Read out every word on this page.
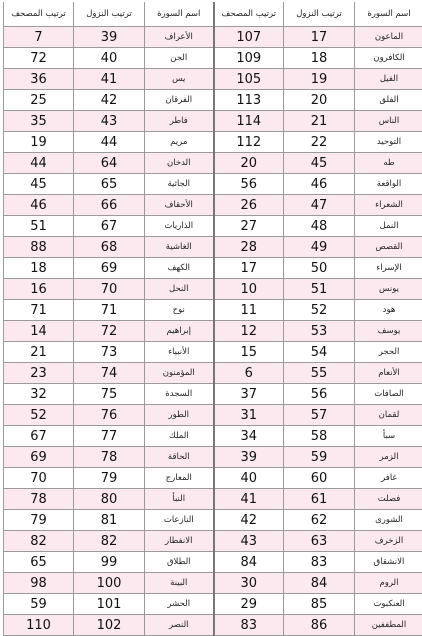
ترتيب المصحف	ترتيب النزول	اسم السورة	ترتيب المصحف	ترتيب النزول	اسم السورة
7	39	الأعراف	107	17	الماعون
72	40	الجن	109	18	الكافرون
36	41	يس	105	19	الفيل
25	42	الفرقان	113	20	الفلق
35	43	فاطر	114	21	الناس
19	44	مريم	112	22	التوحيد
44	64	الدخان	20	45	طه
45	65	الجاثية	56	46	الواقعة
46	66	الأحقاف	26	47	الشعراء
51	67	الذاريات	27	48	النمل
88	68	الغاشية	28	49	القصص
18	69	الكهف	17	50	الإسراء
16	70	النحل	10	51	يونس
71	71	نوح	11	52	هود
14	72	إبراهيم	12	53	يوسف
21	73	الأنبياء	15	54	الحجر
23	74	المؤمنون	6	55	الأنعام
32	75	السجدة	37	56	الصافات
52	76	الطور	31	57	لقمان
67	77	الملك	34	58	سبأ
69	78	الحاقة	39	59	الزمر
70	79	المعارج	40	60	غافر
78	80	النبأ	41	61	فصلت
79	81	النازعات	42	62	الشورى
82	82	الانفطار	43	63	الزخرف
65	99	الطلاق	84	83	الانشقاق
98	100	البينة	30	84	الروم
59	101	الحشر	29	85	العنكبوت
110	102	النصر	83	86	المطففين
